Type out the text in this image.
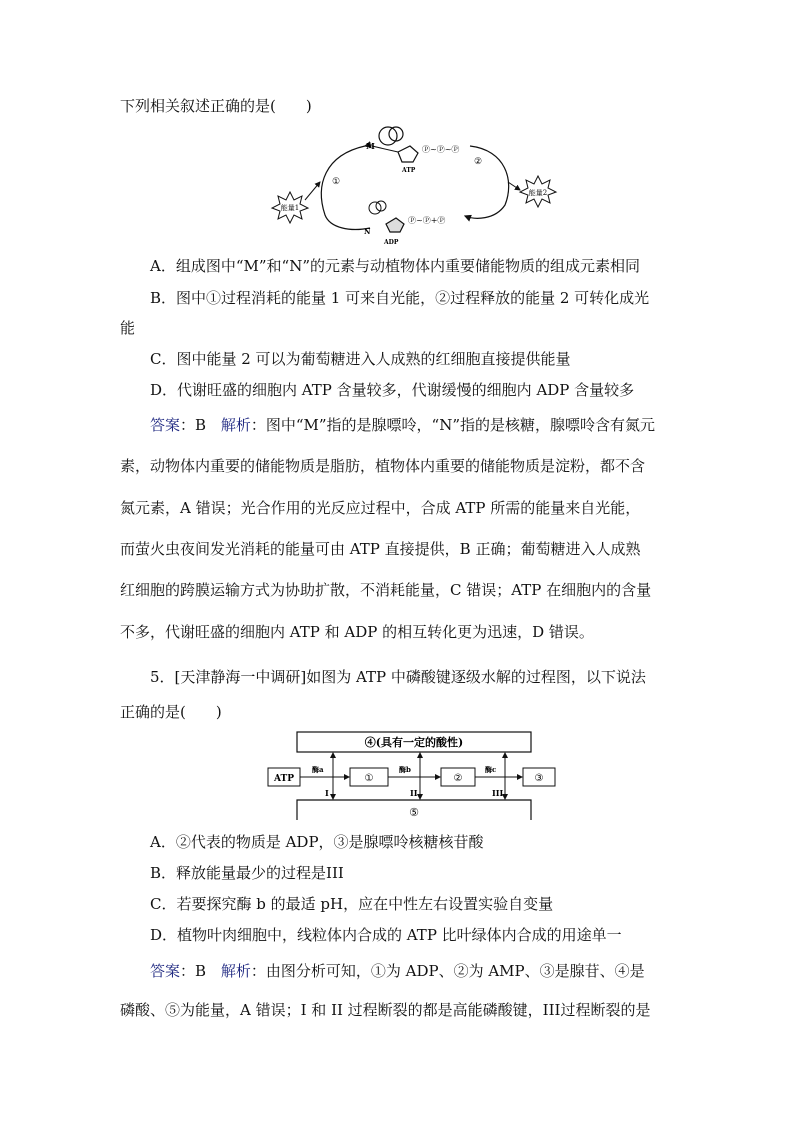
下列相关叙述正确的是(　　)
能量1
能量2
M	Ⓟ~Ⓟ~Ⓟ
ATP
N
Ⓟ~Ⓟ+Ⓟ
ADP
①
②
A．组成图中“M”和“N”的元素与动植物体内重要储能物质的组成元素相同
B．图中①过程消耗的能量 1 可来自光能，②过程释放的能量 2 可转化成光
能
C．图中能量 2 可以为葡萄糖进入人成熟的红细胞直接提供能量
D．代谢旺盛的细胞内 ATP 含量较多，代谢缓慢的细胞内 ADP 含量较多
答案：B 解析：图中“M”指的是腺嘌呤，“N”指的是核糖，腺嘌呤含有氮元
素，动物体内重要的储能物质是脂肪，植物体内重要的储能物质是淀粉，都不含
氮元素，A 错误；光合作用的光反应过程中，合成 ATP 所需的能量来自光能，
而萤火虫夜间发光消耗的能量可由 ATP 直接提供，B 正确；葡萄糖进入人成熟
红细胞的跨膜运输方式为协助扩散，不消耗能量，C 错误；ATP 在细胞内的含量
不多，代谢旺盛的细胞内 ATP 和 ADP 的相互转化更为迅速，D 错误。
5．[天津静海一中调研]如图为 ATP 中磷酸键逐级水解的过程图，以下说法
正确的是(　　)
④(具有一定的酸性)
⑤
ATP	①	②	③
酶a	酶b	酶c
I	II	III
A．②代表的物质是 ADP，③是腺嘌呤核糖核苷酸
B．释放能量最少的过程是III
C．若要探究酶 b 的最适 pH，应在中性左右设置实验自变量
D．植物叶肉细胞中，线粒体内合成的 ATP 比叶绿体内合成的用途单一
答案：B 解析：由图分析可知，①为 ADP、②为 AMP、③是腺苷、④是
磷酸、⑤为能量，A 错误；I 和 II 过程断裂的都是高能磷酸键，III过程断裂的是
